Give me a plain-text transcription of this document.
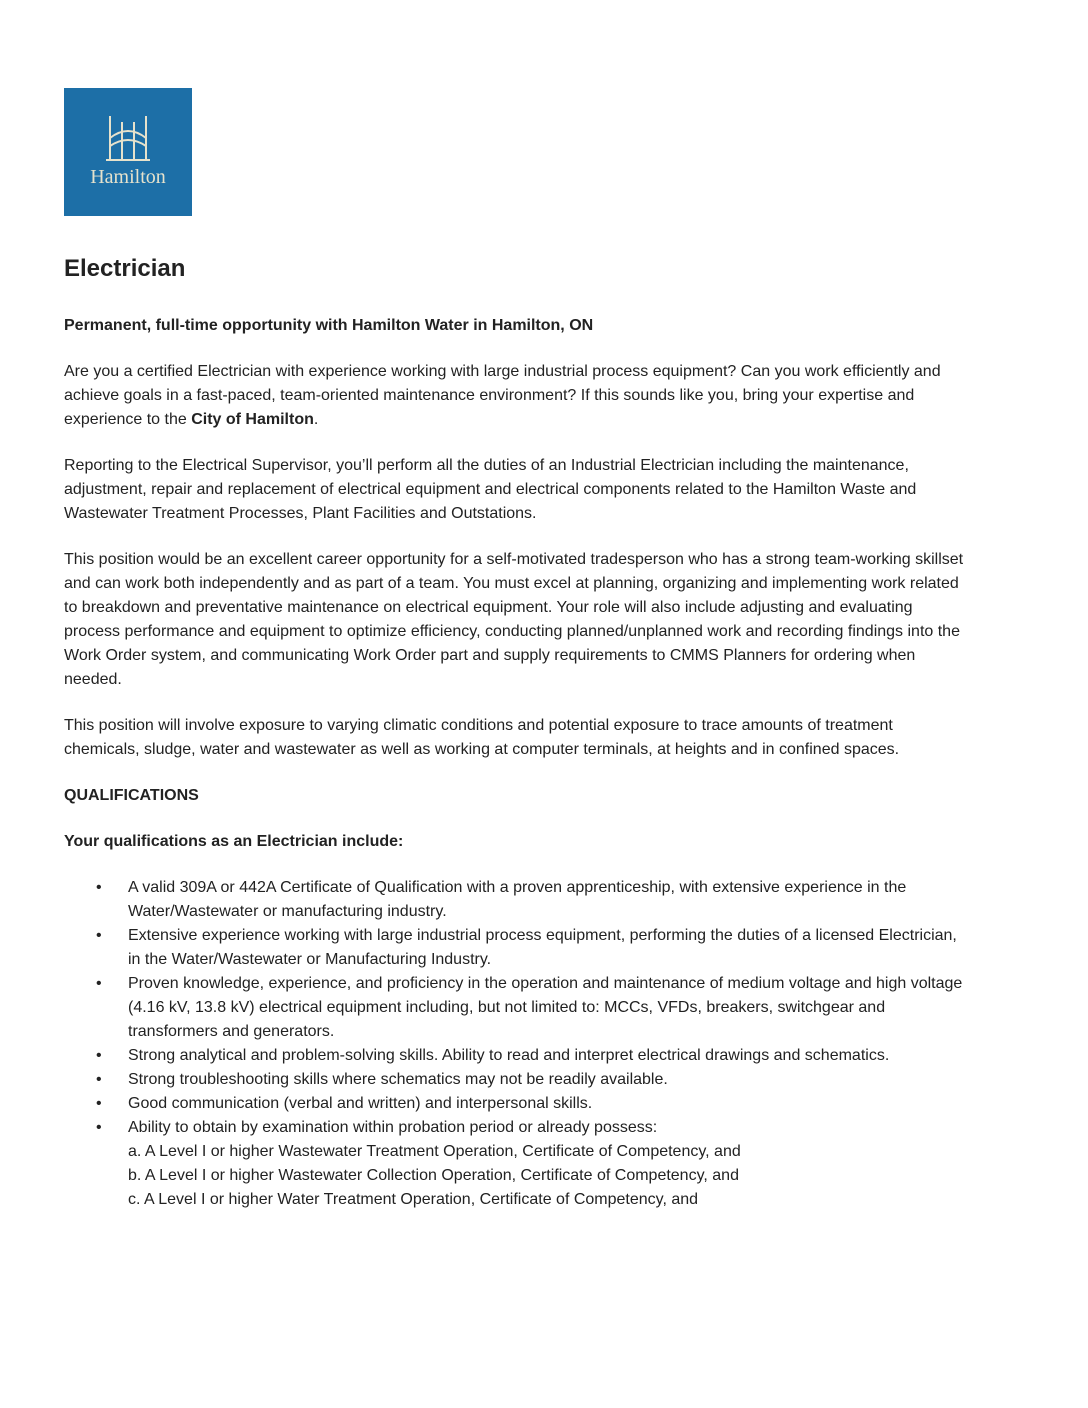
Hamilton
Electrician
Permanent, full-time opportunity with Hamilton Water in Hamilton, ON

Are you a certified Electrician with experience working with large industrial process equipment? Can you work efficiently and achieve goals in a fast-paced, team-oriented maintenance environment? If this sounds like you, bring your expertise and experience to the City of Hamilton.

Reporting to the Electrical Supervisor, you’ll perform all the duties of an Industrial Electrician including the maintenance, adjustment, repair and replacement of electrical equipment and electrical components related to the Hamilton Waste and Wastewater Treatment Processes, Plant Facilities and Outstations.

This position would be an excellent career opportunity for a self-motivated tradesperson who has a strong team-working skillset and can work both independently and as part of a team. You must excel at planning, organizing and implementing work related to breakdown and preventative maintenance on electrical equipment. Your role will also include adjusting and evaluating process performance and equipment to optimize efficiency, conducting planned/unplanned work and recording findings into the Work Order system, and communicating Work Order part and supply requirements to CMMS Planners for ordering when needed.

This position will involve exposure to varying climatic conditions and potential exposure to trace amounts of treatment chemicals, sludge, water and wastewater as well as working at computer terminals, at heights and in confined spaces.

QUALIFICATIONS
Your qualifications as an Electrician include:
• A valid 309A or 442A Certificate of Qualification with a proven apprenticeship, with extensive experience in the Water/Wastewater or manufacturing industry.
• Extensive experience working with large industrial process equipment, performing the duties of a licensed Electrician, in the Water/Wastewater or Manufacturing Industry.
• Proven knowledge, experience, and proficiency in the operation and maintenance of medium voltage and high voltage (4.16 kV, 13.8 kV) electrical equipment including, but not limited to: MCCs, VFDs, breakers, switchgear and transformers and generators.
• Strong analytical and problem-solving skills. Ability to read and interpret electrical drawings and schematics.
• Strong troubleshooting skills where schematics may not be readily available.
• Good communication (verbal and written) and interpersonal skills.
• Ability to obtain by examination within probation period or already possess:
a. A Level I or higher Wastewater Treatment Operation, Certificate of Competency, and
b. A Level I or higher Wastewater Collection Operation, Certificate of Competency, and
c. A Level I or higher Water Treatment Operation, Certificate of Competency, and
